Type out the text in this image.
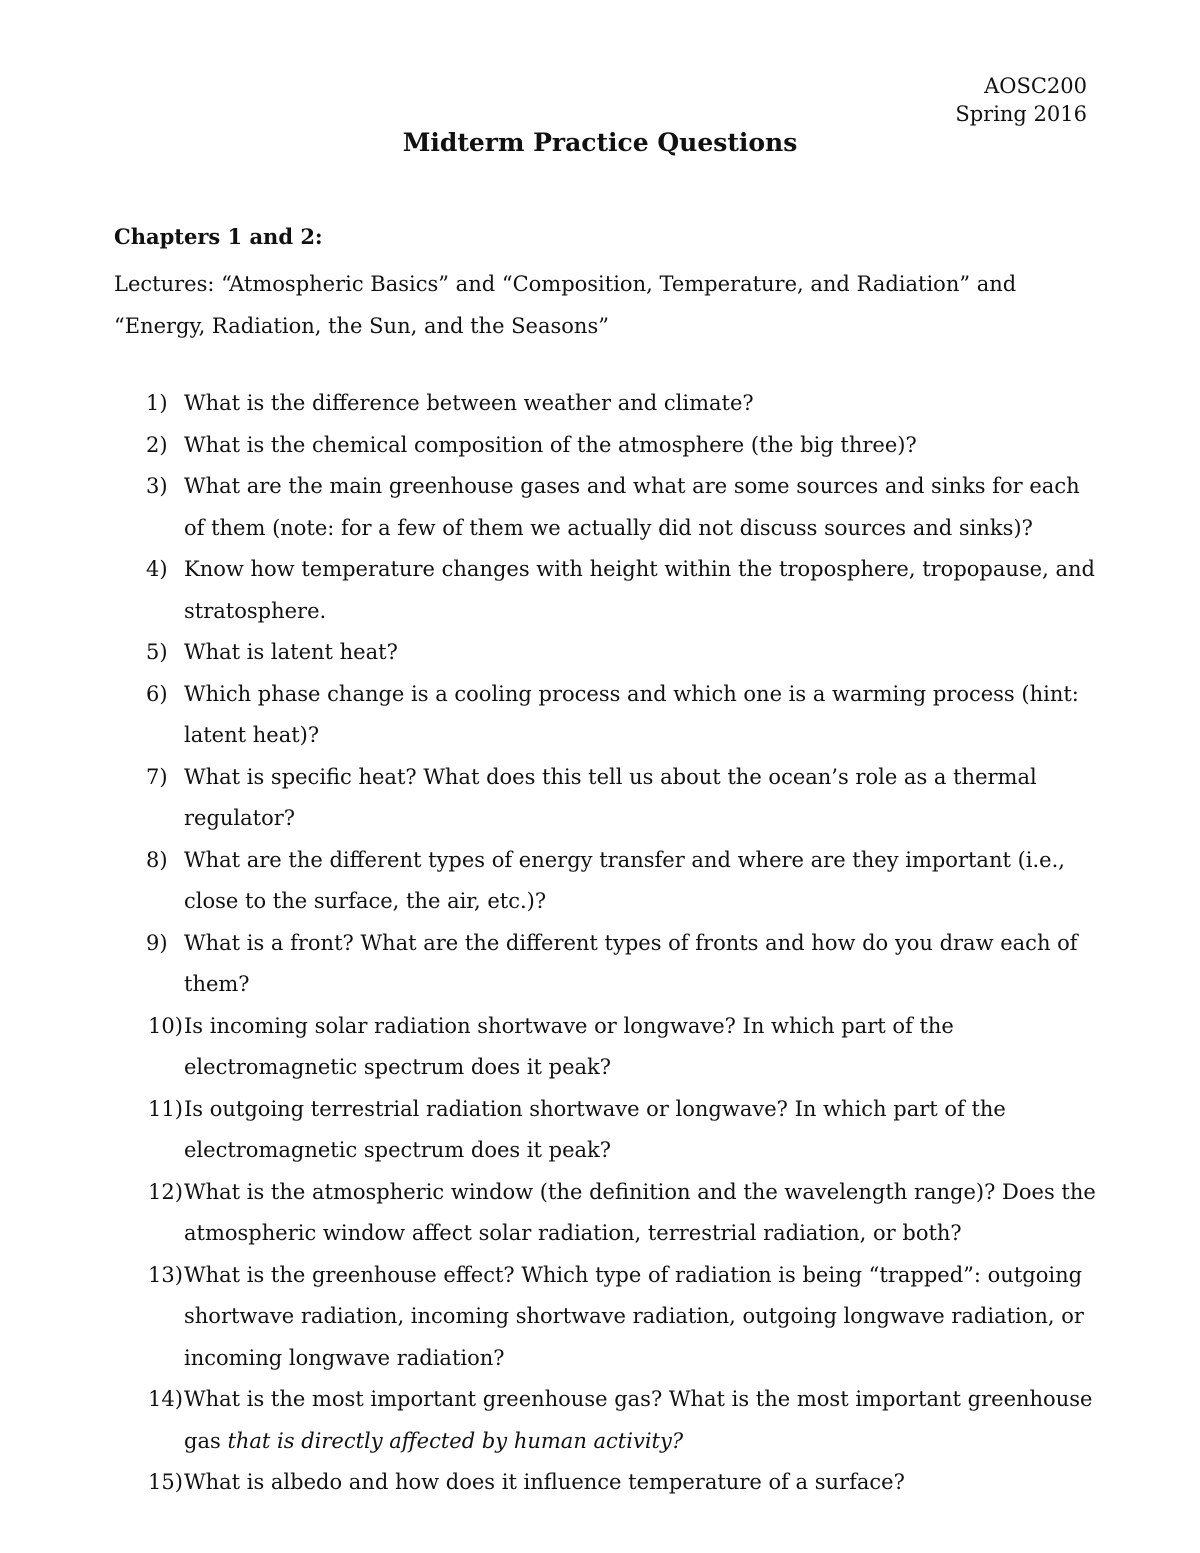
AOSC200
Spring 2016
Midterm Practice Questions
Chapters 1 and 2:
Lectures: “Atmospheric Basics” and “Composition, Temperature, and Radiation” and “Energy, Radiation, the Sun, and the Seasons”
1) What is the difference between weather and climate?
2) What is the chemical composition of the atmosphere (the big three)?
3) What are the main greenhouse gases and what are some sources and sinks for each of them (note: for a few of them we actually did not discuss sources and sinks)?
4) Know how temperature changes with height within the troposphere, tropopause, and stratosphere.
5) What is latent heat?
6) Which phase change is a cooling process and which one is a warming process (hint: latent heat)?
7) What is specific heat? What does this tell us about the ocean’s role as a thermal regulator?
8) What are the different types of energy transfer and where are they important (i.e., close to the surface, the air, etc.)?
9) What is a front? What are the different types of fronts and how do you draw each of them?
10) Is incoming solar radiation shortwave or longwave? In which part of the electromagnetic spectrum does it peak?
11) Is outgoing terrestrial radiation shortwave or longwave? In which part of the electromagnetic spectrum does it peak?
12) What is the atmospheric window (the definition and the wavelength range)? Does the atmospheric window affect solar radiation, terrestrial radiation, or both?
13) What is the greenhouse effect? Which type of radiation is being “trapped”: outgoing shortwave radiation, incoming shortwave radiation, outgoing longwave radiation, or incoming longwave radiation?
14) What is the most important greenhouse gas? What is the most important greenhouse gas that is directly affected by human activity?
15) What is albedo and how does it influence temperature of a surface?
